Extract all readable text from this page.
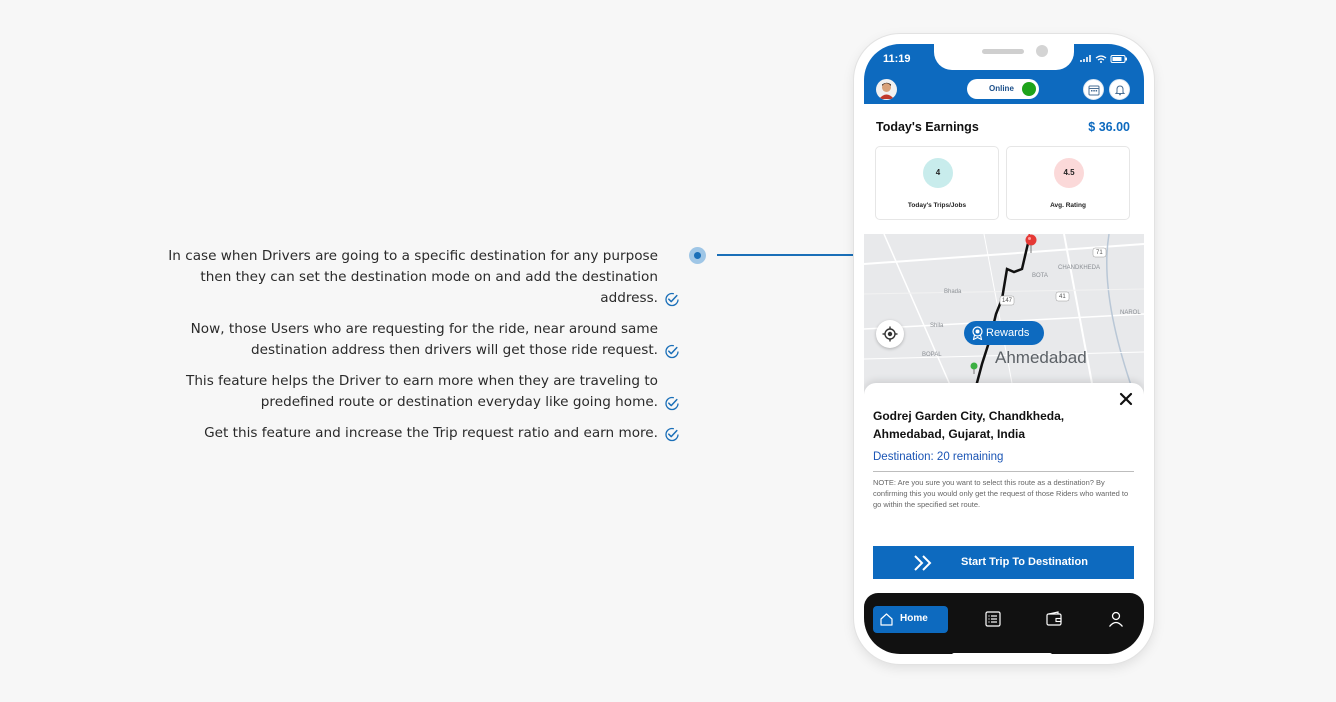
In case when Drivers are going to a specific destination for any purpose then they can set the destination mode on and add the destination address.
Now, those Users who are requesting for the ride, near around same destination address then drivers will get those ride request.
This feature helps the Driver to earn more when they are traveling to predefined route or destination everyday like going home.
Get this feature and increase the Trip request ratio and earn more.
11:19
Online
Today's Earnings	$ 36.00
4
Today's Trips/Jobs
4.5
Avg. Rating
CHANDKHEDA
Bhada
BOTA
Shila
BOPAL
NAROL
147
41
71
Ahmedabad
Rewards
Godrej Garden City, Chandkheda, Ahmedabad, Gujarat, India
Destination: 20 remaining
NOTE: Are you sure you want to select this route as a destination? By confirming this you would only get the request of those Riders who wanted to go within the specified set route.
Start Trip To Destination
Home
